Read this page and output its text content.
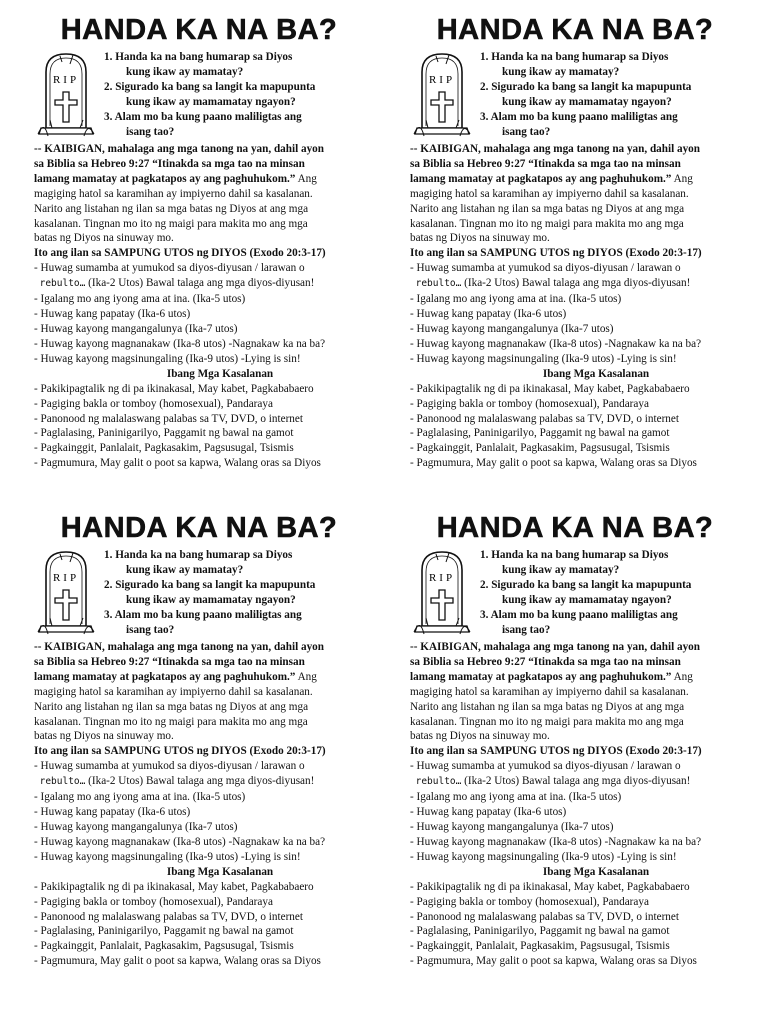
HANDA KA NA BA?
RIP
1. Handa ka na bang humarap sa Diyos
kung ikaw ay mamatay?
2. Sigurado ka bang sa langit ka mapupunta
kung ikaw ay mamamatay ngayon?
3. Alam mo ba kung paano maliligtas ang
isang tao?
-- KAIBIGAN, mahalaga ang mga tanong na yan, dahil ayon
sa Biblia sa Hebreo 9:27 “Itinakda sa mga tao na minsan
lamang mamatay at pagkatapos ay ang paghuhukom.” Ang
magiging hatol sa karamihan ay impiyerno dahil sa kasalanan.
Narito ang listahan ng ilan sa mga batas ng Diyos at ang mga
kasalanan. Tingnan mo ito ng maigi para makita mo ang mga
batas ng Diyos na sinuway mo.
Ito ang ilan sa SAMPUNG UTOS ng DIYOS (Exodo 20:3-17)
- Huwag sumamba at yumukod sa diyos-diyusan / larawan o
rebulto… (Ika-2 Utos) Bawal talaga ang mga diyos-diyusan!
- Igalang mo ang iyong ama at ina. (Ika-5 utos)
- Huwag kang papatay (Ika-6 utos)
- Huwag kayong mangangalunya (Ika-7 utos)
- Huwag kayong magnanakaw (Ika-8 utos) -Nagnakaw ka na ba?
- Huwag kayong magsinungaling (Ika-9 utos) -Lying is sin!
Ibang Mga Kasalanan
- Pakikipagtalik ng di pa ikinakasal, May kabet, Pagkababaero
- Pagiging bakla or tomboy (homosexual), Pandaraya
- Panonood ng malalaswang palabas sa TV, DVD, o internet
- Paglalasing, Paninigarilyo, Paggamit ng bawal na gamot
- Pagkainggit, Panlalait, Pagkasakim, Pagsusugal, Tsismis
- Pagmumura, May galit o poot sa kapwa, Walang oras sa Diyos
HANDA KA NA BA?
RIP
1. Handa ka na bang humarap sa Diyos
kung ikaw ay mamatay?
2. Sigurado ka bang sa langit ka mapupunta
kung ikaw ay mamamatay ngayon?
3. Alam mo ba kung paano maliligtas ang
isang tao?
-- KAIBIGAN, mahalaga ang mga tanong na yan, dahil ayon
sa Biblia sa Hebreo 9:27 “Itinakda sa mga tao na minsan
lamang mamatay at pagkatapos ay ang paghuhukom.” Ang
magiging hatol sa karamihan ay impiyerno dahil sa kasalanan.
Narito ang listahan ng ilan sa mga batas ng Diyos at ang mga
kasalanan. Tingnan mo ito ng maigi para makita mo ang mga
batas ng Diyos na sinuway mo.
Ito ang ilan sa SAMPUNG UTOS ng DIYOS (Exodo 20:3-17)
- Huwag sumamba at yumukod sa diyos-diyusan / larawan o
rebulto… (Ika-2 Utos) Bawal talaga ang mga diyos-diyusan!
- Igalang mo ang iyong ama at ina. (Ika-5 utos)
- Huwag kang papatay (Ika-6 utos)
- Huwag kayong mangangalunya (Ika-7 utos)
- Huwag kayong magnanakaw (Ika-8 utos) -Nagnakaw ka na ba?
- Huwag kayong magsinungaling (Ika-9 utos) -Lying is sin!
Ibang Mga Kasalanan
- Pakikipagtalik ng di pa ikinakasal, May kabet, Pagkababaero
- Pagiging bakla or tomboy (homosexual), Pandaraya
- Panonood ng malalaswang palabas sa TV, DVD, o internet
- Paglalasing, Paninigarilyo, Paggamit ng bawal na gamot
- Pagkainggit, Panlalait, Pagkasakim, Pagsusugal, Tsismis
- Pagmumura, May galit o poot sa kapwa, Walang oras sa Diyos
HANDA KA NA BA?
RIP
1. Handa ka na bang humarap sa Diyos
kung ikaw ay mamatay?
2. Sigurado ka bang sa langit ka mapupunta
kung ikaw ay mamamatay ngayon?
3. Alam mo ba kung paano maliligtas ang
isang tao?
-- KAIBIGAN, mahalaga ang mga tanong na yan, dahil ayon
sa Biblia sa Hebreo 9:27 “Itinakda sa mga tao na minsan
lamang mamatay at pagkatapos ay ang paghuhukom.” Ang
magiging hatol sa karamihan ay impiyerno dahil sa kasalanan.
Narito ang listahan ng ilan sa mga batas ng Diyos at ang mga
kasalanan. Tingnan mo ito ng maigi para makita mo ang mga
batas ng Diyos na sinuway mo.
Ito ang ilan sa SAMPUNG UTOS ng DIYOS (Exodo 20:3-17)
- Huwag sumamba at yumukod sa diyos-diyusan / larawan o
rebulto… (Ika-2 Utos) Bawal talaga ang mga diyos-diyusan!
- Igalang mo ang iyong ama at ina. (Ika-5 utos)
- Huwag kang papatay (Ika-6 utos)
- Huwag kayong mangangalunya (Ika-7 utos)
- Huwag kayong magnanakaw (Ika-8 utos) -Nagnakaw ka na ba?
- Huwag kayong magsinungaling (Ika-9 utos) -Lying is sin!
Ibang Mga Kasalanan
- Pakikipagtalik ng di pa ikinakasal, May kabet, Pagkababaero
- Pagiging bakla or tomboy (homosexual), Pandaraya
- Panonood ng malalaswang palabas sa TV, DVD, o internet
- Paglalasing, Paninigarilyo, Paggamit ng bawal na gamot
- Pagkainggit, Panlalait, Pagkasakim, Pagsusugal, Tsismis
- Pagmumura, May galit o poot sa kapwa, Walang oras sa Diyos
HANDA KA NA BA?
RIP
1. Handa ka na bang humarap sa Diyos
kung ikaw ay mamatay?
2. Sigurado ka bang sa langit ka mapupunta
kung ikaw ay mamamatay ngayon?
3. Alam mo ba kung paano maliligtas ang
isang tao?
-- KAIBIGAN, mahalaga ang mga tanong na yan, dahil ayon
sa Biblia sa Hebreo 9:27 “Itinakda sa mga tao na minsan
lamang mamatay at pagkatapos ay ang paghuhukom.” Ang
magiging hatol sa karamihan ay impiyerno dahil sa kasalanan.
Narito ang listahan ng ilan sa mga batas ng Diyos at ang mga
kasalanan. Tingnan mo ito ng maigi para makita mo ang mga
batas ng Diyos na sinuway mo.
Ito ang ilan sa SAMPUNG UTOS ng DIYOS (Exodo 20:3-17)
- Huwag sumamba at yumukod sa diyos-diyusan / larawan o
rebulto… (Ika-2 Utos) Bawal talaga ang mga diyos-diyusan!
- Igalang mo ang iyong ama at ina. (Ika-5 utos)
- Huwag kang papatay (Ika-6 utos)
- Huwag kayong mangangalunya (Ika-7 utos)
- Huwag kayong magnanakaw (Ika-8 utos) -Nagnakaw ka na ba?
- Huwag kayong magsinungaling (Ika-9 utos) -Lying is sin!
Ibang Mga Kasalanan
- Pakikipagtalik ng di pa ikinakasal, May kabet, Pagkababaero
- Pagiging bakla or tomboy (homosexual), Pandaraya
- Panonood ng malalaswang palabas sa TV, DVD, o internet
- Paglalasing, Paninigarilyo, Paggamit ng bawal na gamot
- Pagkainggit, Panlalait, Pagkasakim, Pagsusugal, Tsismis
- Pagmumura, May galit o poot sa kapwa, Walang oras sa Diyos
